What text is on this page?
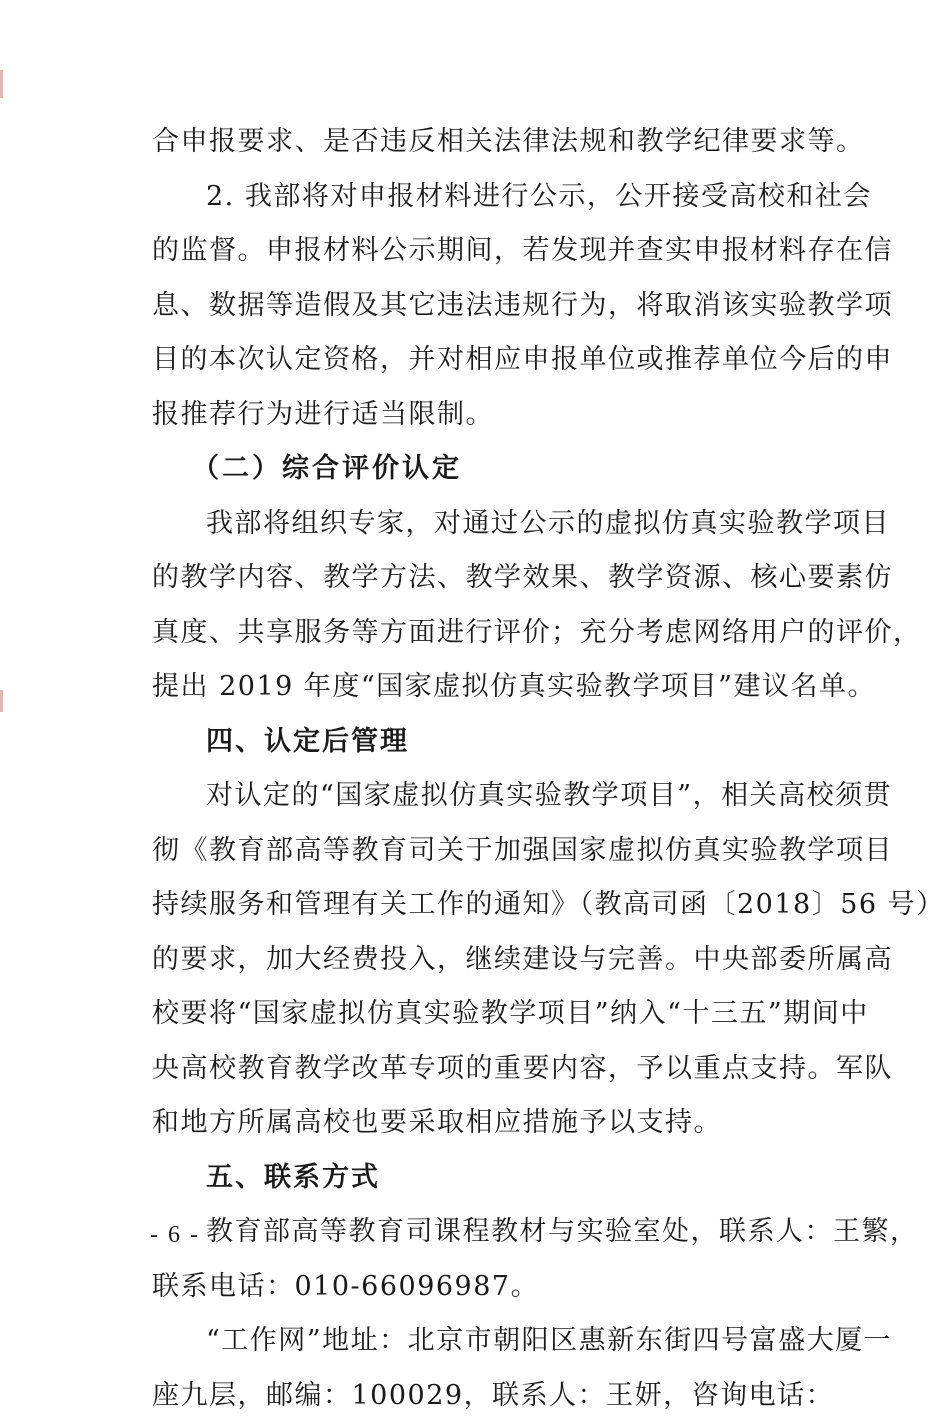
合申报要求、是否违反相关法律法规和教学纪律要求等。
2. 我部将对申报材料进行公示，公开接受高校和社会
的监督。申报材料公示期间，若发现并查实申报材料存在信
息、数据等造假及其它违法违规行为，将取消该实验教学项
目的本次认定资格，并对相应申报单位或推荐单位今后的申
报推荐行为进行适当限制。
（二）综合评价认定
我部将组织专家，对通过公示的虚拟仿真实验教学项目
的教学内容、教学方法、教学效果、教学资源、核心要素仿
真度、共享服务等方面进行评价；充分考虑网络用户的评价，
提出 2019 年度“国家虚拟仿真实验教学项目”建议名单。
四、认定后管理
对认定的“国家虚拟仿真实验教学项目”，相关高校须贯
彻《教育部高等教育司关于加强国家虚拟仿真实验教学项目
持续服务和管理有关工作的通知》（教高司函〔2018〕56 号）
的要求，加大经费投入，继续建设与完善。中央部委所属高
校要将“国家虚拟仿真实验教学项目”纳入“十三五”期间中
央高校教育教学改革专项的重要内容，予以重点支持。军队
和地方所属高校也要采取相应措施予以支持。
五、联系方式
教育部高等教育司课程教材与实验室处，联系人：王繁，
联系电话：010-66096987。
“工作网”地址：北京市朝阳区惠新东街四号富盛大厦一
座九层，邮编：100029，联系人：王妍，咨询电话：
- 6 -
